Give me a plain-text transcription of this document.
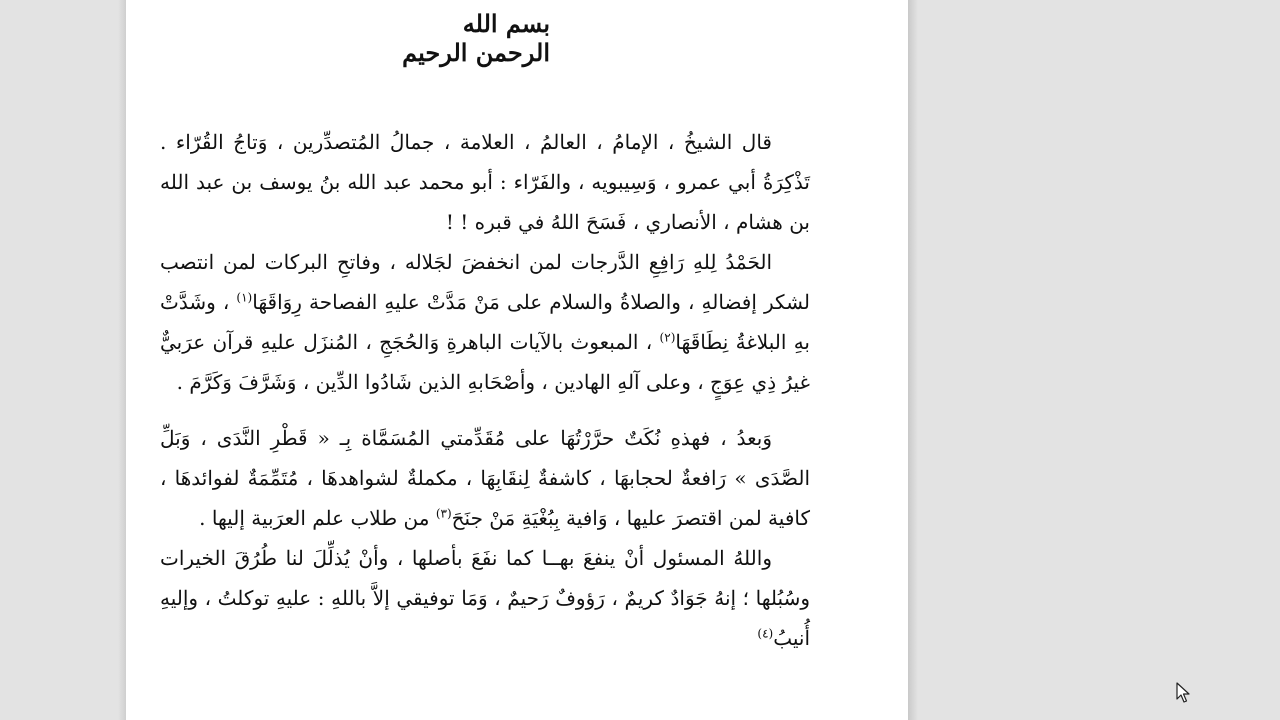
بسم الله الرحمن الرحيم

قال الشيخُ ، الإمامُ ، العالمُ ، العلامة ، جمالُ المُتصدِّرين ، وَتاجُ القُرّاء . تَذْكِرَةُ أبي عمرو ، وَسِيبويه ، والفَرّاء : أبو محمد عبد الله بنُ يوسف بن عبد الله بن هشام ، الأنصاري ، فَسَحَ اللهُ في قبره ! !

الحَمْدُ لِلهِ رَافِعِ الدَّرجات لمن انخفضَ لجَلاله ، وفاتحِ البركات لمن انتصب لشكر إفضالهِ ، والصلاةُ والسلام على مَنْ مَدَّتْ عليهِ الفصاحة رِوَاقَهَا$^{(١)}$ ، وشَدَّتْ بهِ البلاغةُ نِطَاقَهَا$^{(٢)}$ ، المبعوث بالآيات الباهرةِ وَالحُجَجِ ، المُنزَل عليهِ قرآن عرَبيٌّ غيرُ ذِي عِوَجٍ ، وعلى آلهِ الهادين ، وأصْحَابهِ الذين شَادُوا الدِّين ، وَشَرَّفَ وَكَرَّمَ .

وَبعدُ ، فهذهِ نُكَتٌ حرَّرْتُهَا على مُقَدِّمتي المُسَمَّاة بِـ « قَطْرِ النَّدَى ، وَبَلِّ الصَّدَى » رَافعةٌ لحجابهَا ، كاشفةٌ لِنقَابِهَا ، مكملةٌ لشواهدهَا ، مُتَمِّمَةٌ لفوائدهَا ، كافية لمن اقتصرَ عليها ، وَافية بِبُغْيَةِ مَنْ جنَحَ$^{(٣)}$ من طلاب علم العرَبية إليها .

واللهُ المسئول أنْ ينفعَ بهــا كما نفَعَ بأصلها ، وأنْ يُذلِّلَ لنا طُرُقَ الخيرات وسُبُلها ؛ إنهُ جَوَادٌ كريمٌ ، رَؤوفٌ رَحيمٌ ، وَمَا توفيقي إلاَّ باللهِ : عليهِ توكلتُ ، وإليهِ أُنيبُ$^{(٤)}$
